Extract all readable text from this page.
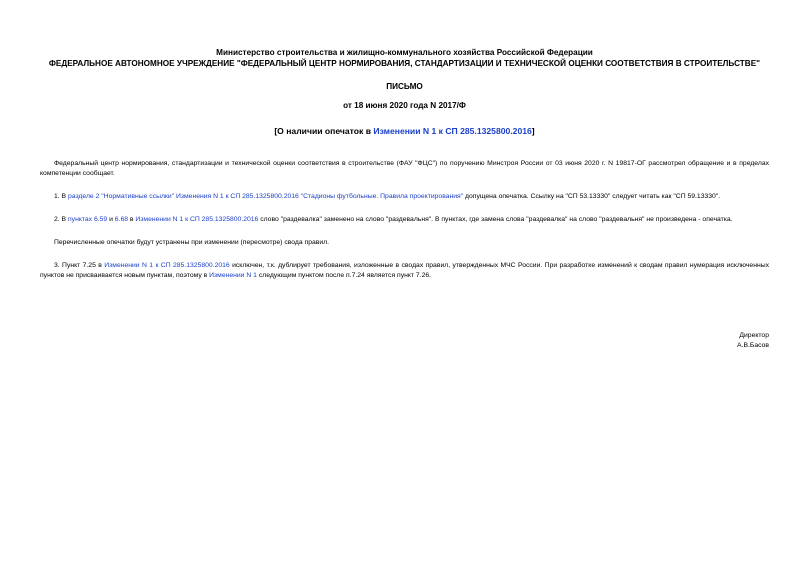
Министерство строительства и жилищно-коммунального хозяйства Российской Федерации
ФЕДЕРАЛЬНОЕ АВТОНОМНОЕ УЧРЕЖДЕНИЕ "ФЕДЕРАЛЬНЫЙ ЦЕНТР НОРМИРОВАНИЯ, СТАНДАРТИЗАЦИИ И ТЕХНИЧЕСКОЙ ОЦЕНКИ СООТВЕТСТВИЯ В СТРОИТЕЛЬСТВЕ"
ПИСЬМО
от 18 июня 2020 года N 2017/Ф
[О наличии опечаток в Изменении N 1 к СП 285.1325800.2016]

Федеральный центр нормирования, стандартизации и технической оценки соответствия в строительстве (ФАУ "ФЦС") по поручению Минстроя России от 03 июня 2020 г. N 19817-ОГ рассмотрел обращение и в пределах компетенции сообщает.

1. В разделе 2 "Нормативные ссылки" Изменения N 1 к СП 285.1325800.2016 "Стадионы футбольные. Правила проектирования" допущена опечатка. Ссылку на "СП 53.13330" следует читать как "СП 59.13330".

2. В пунктах 6.59 и 6.68 в Изменении N 1 к СП 285.1325800.2016 слово "раздевалка" заменено на слово "раздевальня". В пунктах, где замена слова "раздевалка" на слово "раздевальня" не произведена - опечатка.

Перечисленные опечатки будут устранены при изменении (пересмотре) свода правил.

3. Пункт 7.25 в Изменении N 1 к СП 285.1325800.2016 исключен, т.к. дублирует требования, изложенные в сводах правил, утвержденных МЧС России. При разработке изменений к сводам правил нумерация исключенных пунктов не присваивается новым пунктам, поэтому в Изменении N 1 следующим пунктом после п.7.24 является пункт 7.26.

Директор
А.В.Басов
